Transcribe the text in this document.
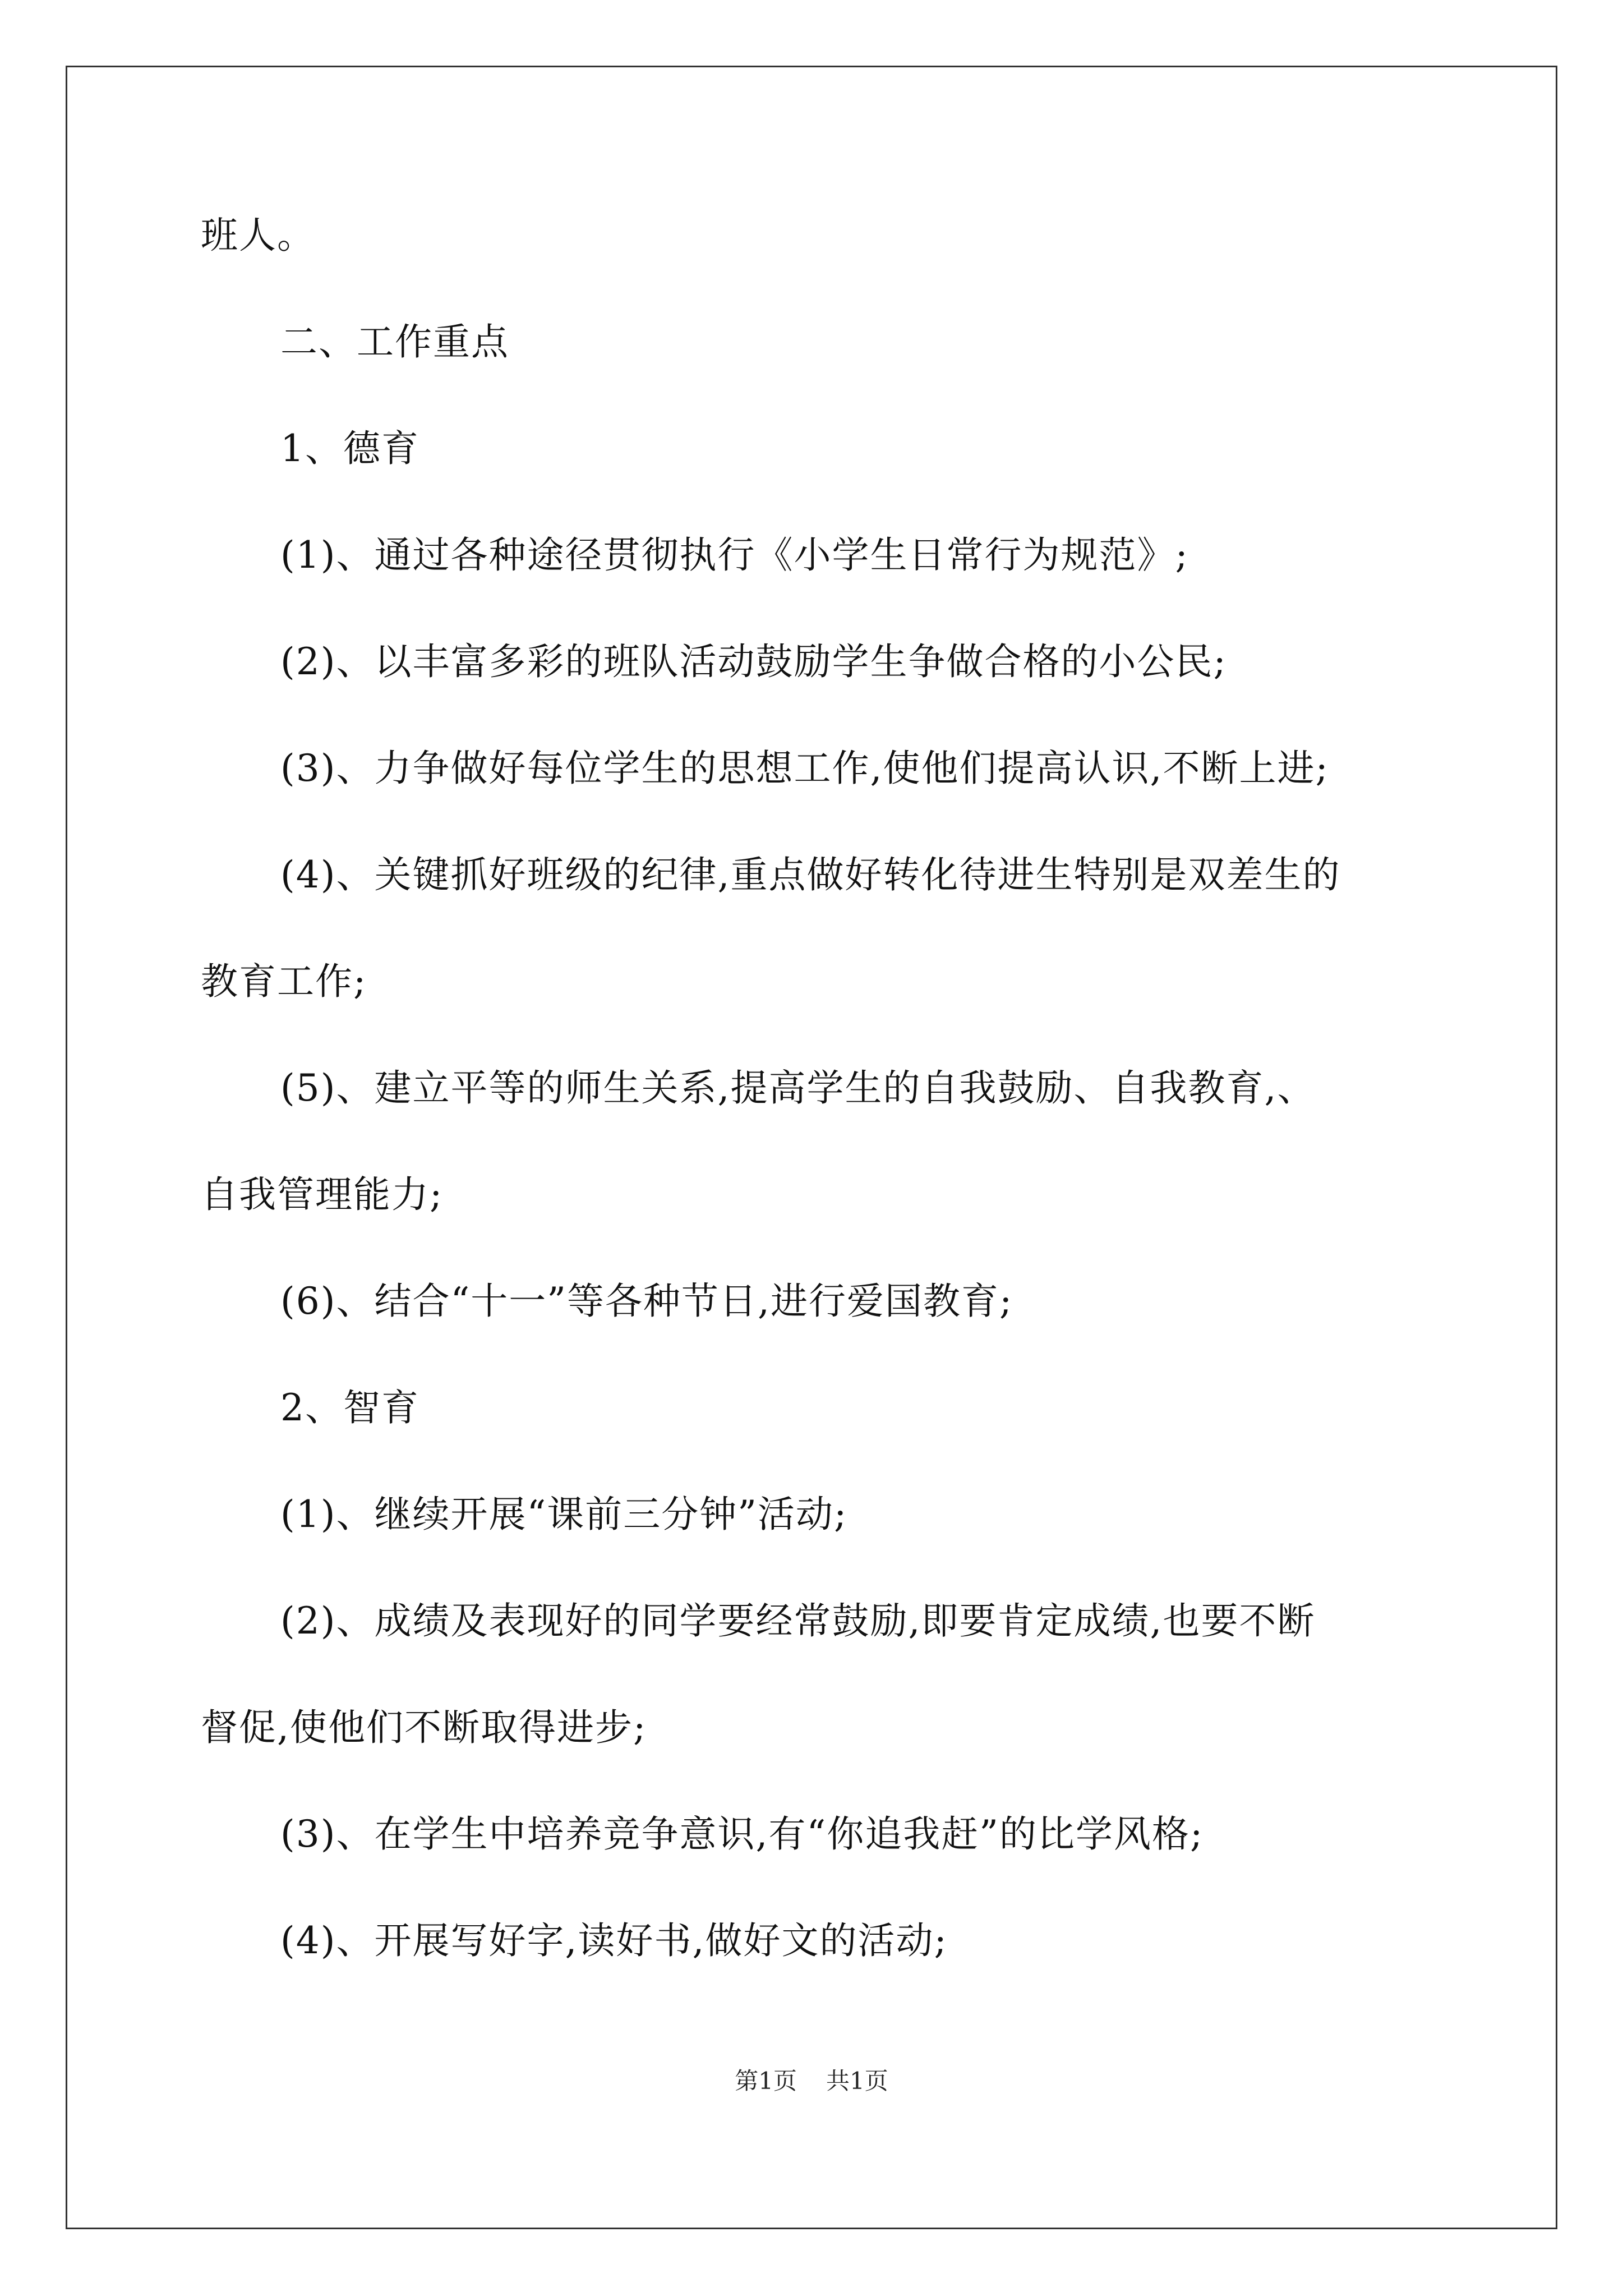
班人。
二、工作重点
1、德育
(1)、通过各种途径贯彻执行《小学生日常行为规范》;
(2)、以丰富多彩的班队活动鼓励学生争做合格的小公民;
(3)、力争做好每位学生的思想工作,使他们提高认识,不断上进;
(4)、关键抓好班级的纪律,重点做好转化待进生特别是双差生的
教育工作;
(5)、建立平等的师生关系,提高学生的自我鼓励、自我教育,、
自我管理能力;
(6)、结合“十一”等各种节日,进行爱国教育;
2、智育
(1)、继续开展“课前三分钟”活动;
(2)、成绩及表现好的同学要经常鼓励,即要肯定成绩,也要不断
督促,使他们不断取得进步;
(3)、在学生中培养竞争意识,有“你追我赶”的比学风格;
(4)、开展写好字,读好书,做好文的活动;
第1页 共1页
